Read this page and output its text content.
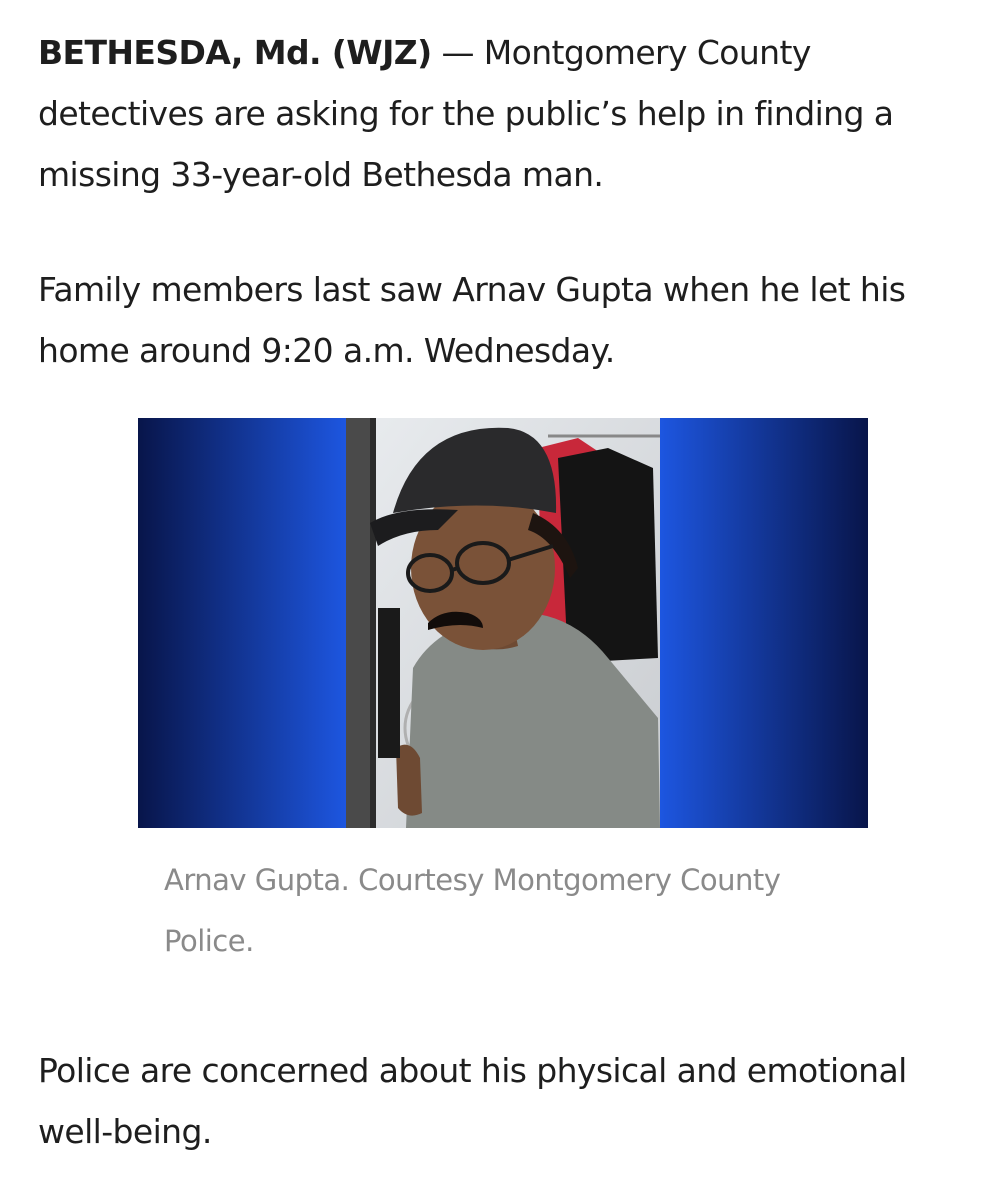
BETHESDA, Md. (WJZ) — Montgomery County detectives are asking for the public’s help in finding a missing 33-year-old Bethesda man.

Family members last saw Arnav Gupta when he let his home around 9:20 a.m. Wednesday.

Arnav Gupta. Courtesy Montgomery County Police.

Police are concerned about his physical and emotional well-being.
